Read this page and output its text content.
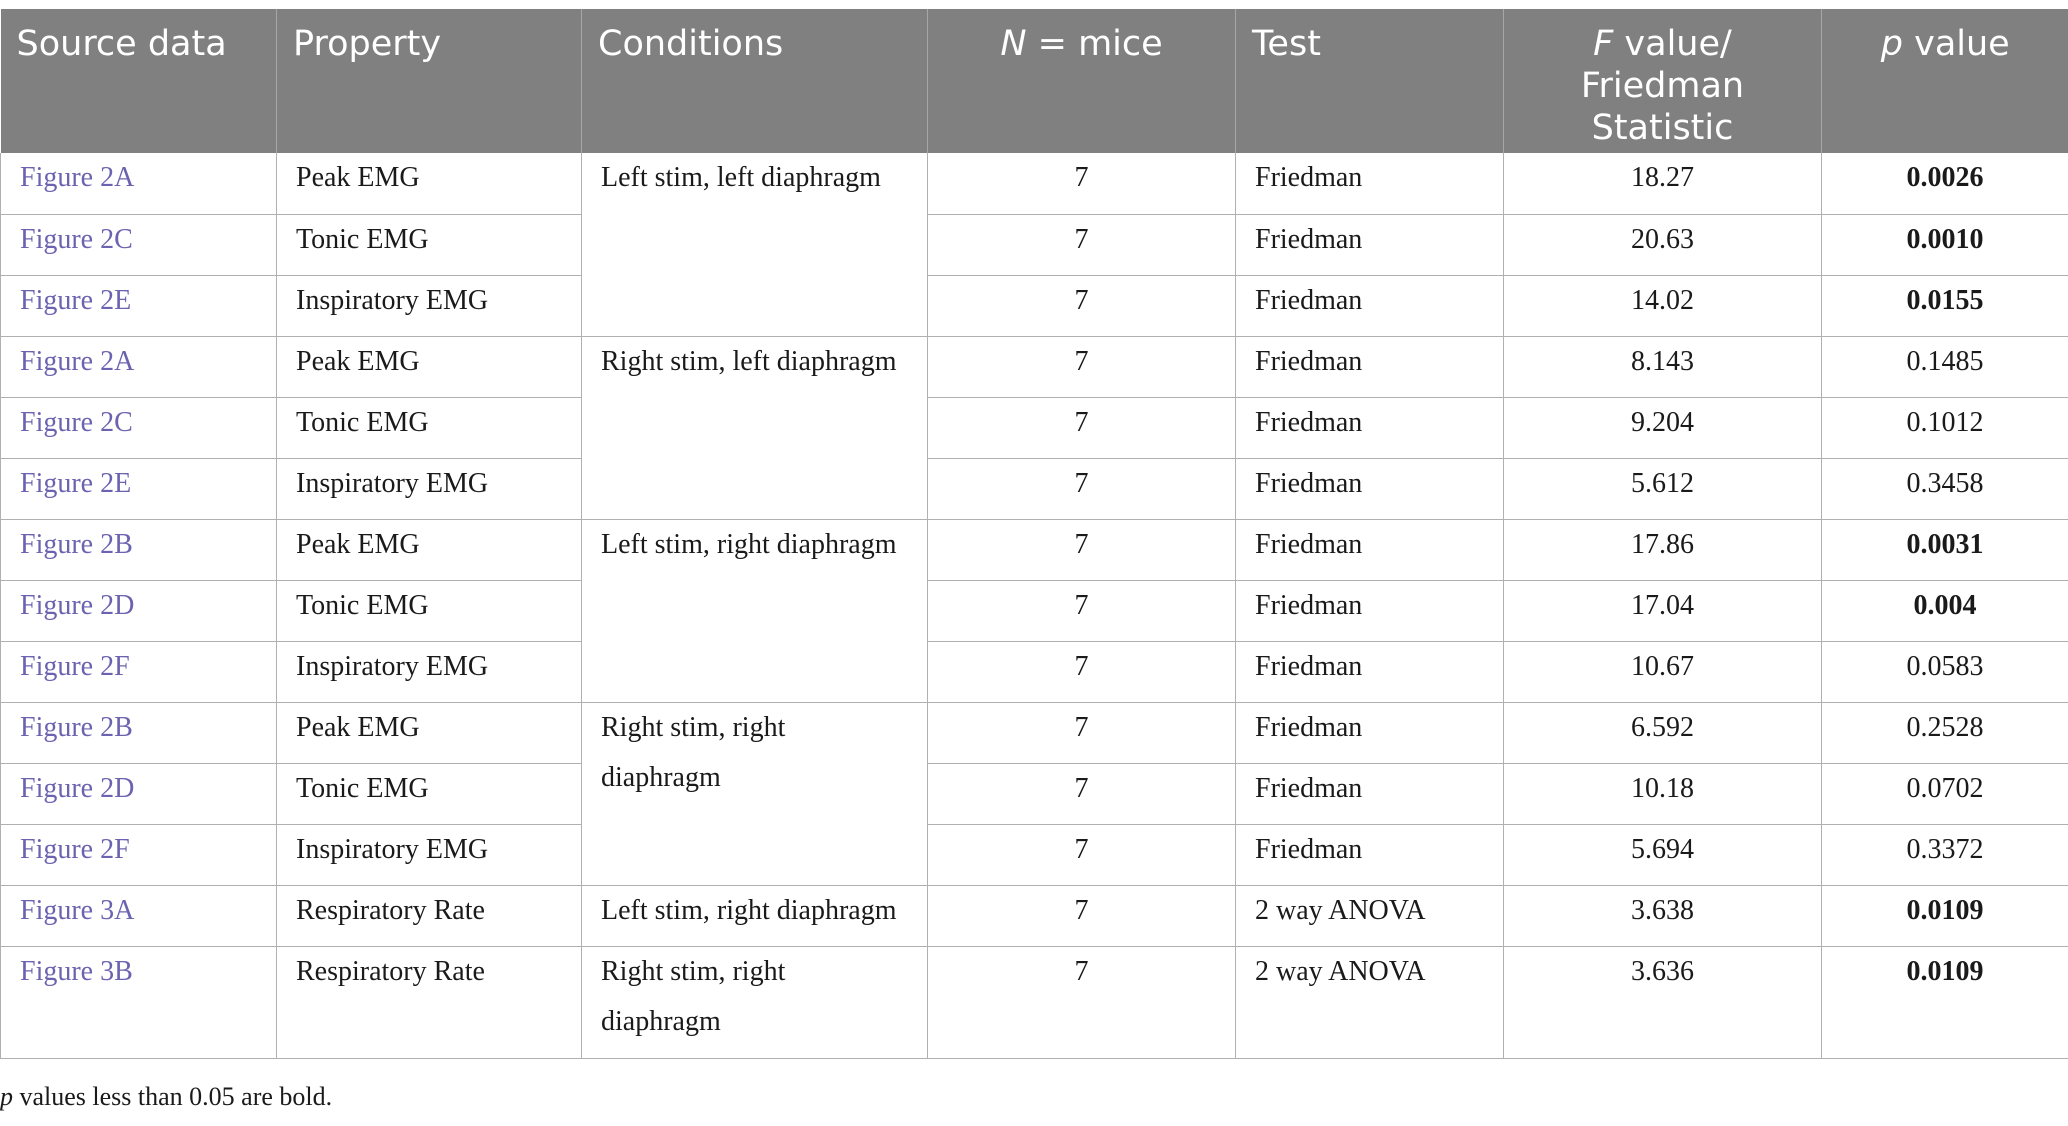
Source data	Property	Conditions	N = mice	Test	F value/ Friedman Statistic	p value
Figure 2A	Peak EMG	Left stim, left diaphragm	7	Friedman	18.27	0.0026
Figure 2C	Tonic EMG		7	Friedman	20.63	0.0010
Figure 2E	Inspiratory EMG		7	Friedman	14.02	0.0155
Figure 2A	Peak EMG	Right stim, left diaphragm	7	Friedman	8.143	0.1485
Figure 2C	Tonic EMG		7	Friedman	9.204	0.1012
Figure 2E	Inspiratory EMG		7	Friedman	5.612	0.3458
Figure 2B	Peak EMG	Left stim, right diaphragm	7	Friedman	17.86	0.0031
Figure 2D	Tonic EMG		7	Friedman	17.04	0.004
Figure 2F	Inspiratory EMG		7	Friedman	10.67	0.0583
Figure 2B	Peak EMG	Right stim, right diaphragm	7	Friedman	6.592	0.2528
Figure 2D	Tonic EMG		7	Friedman	10.18	0.0702
Figure 2F	Inspiratory EMG		7	Friedman	5.694	0.3372
Figure 3A	Respiratory Rate	Left stim, right diaphragm	7	2 way ANOVA	3.638	0.0109
Figure 3B	Respiratory Rate	Right stim, right diaphragm	7	2 way ANOVA	3.636	0.0109
p values less than 0.05 are bold.
